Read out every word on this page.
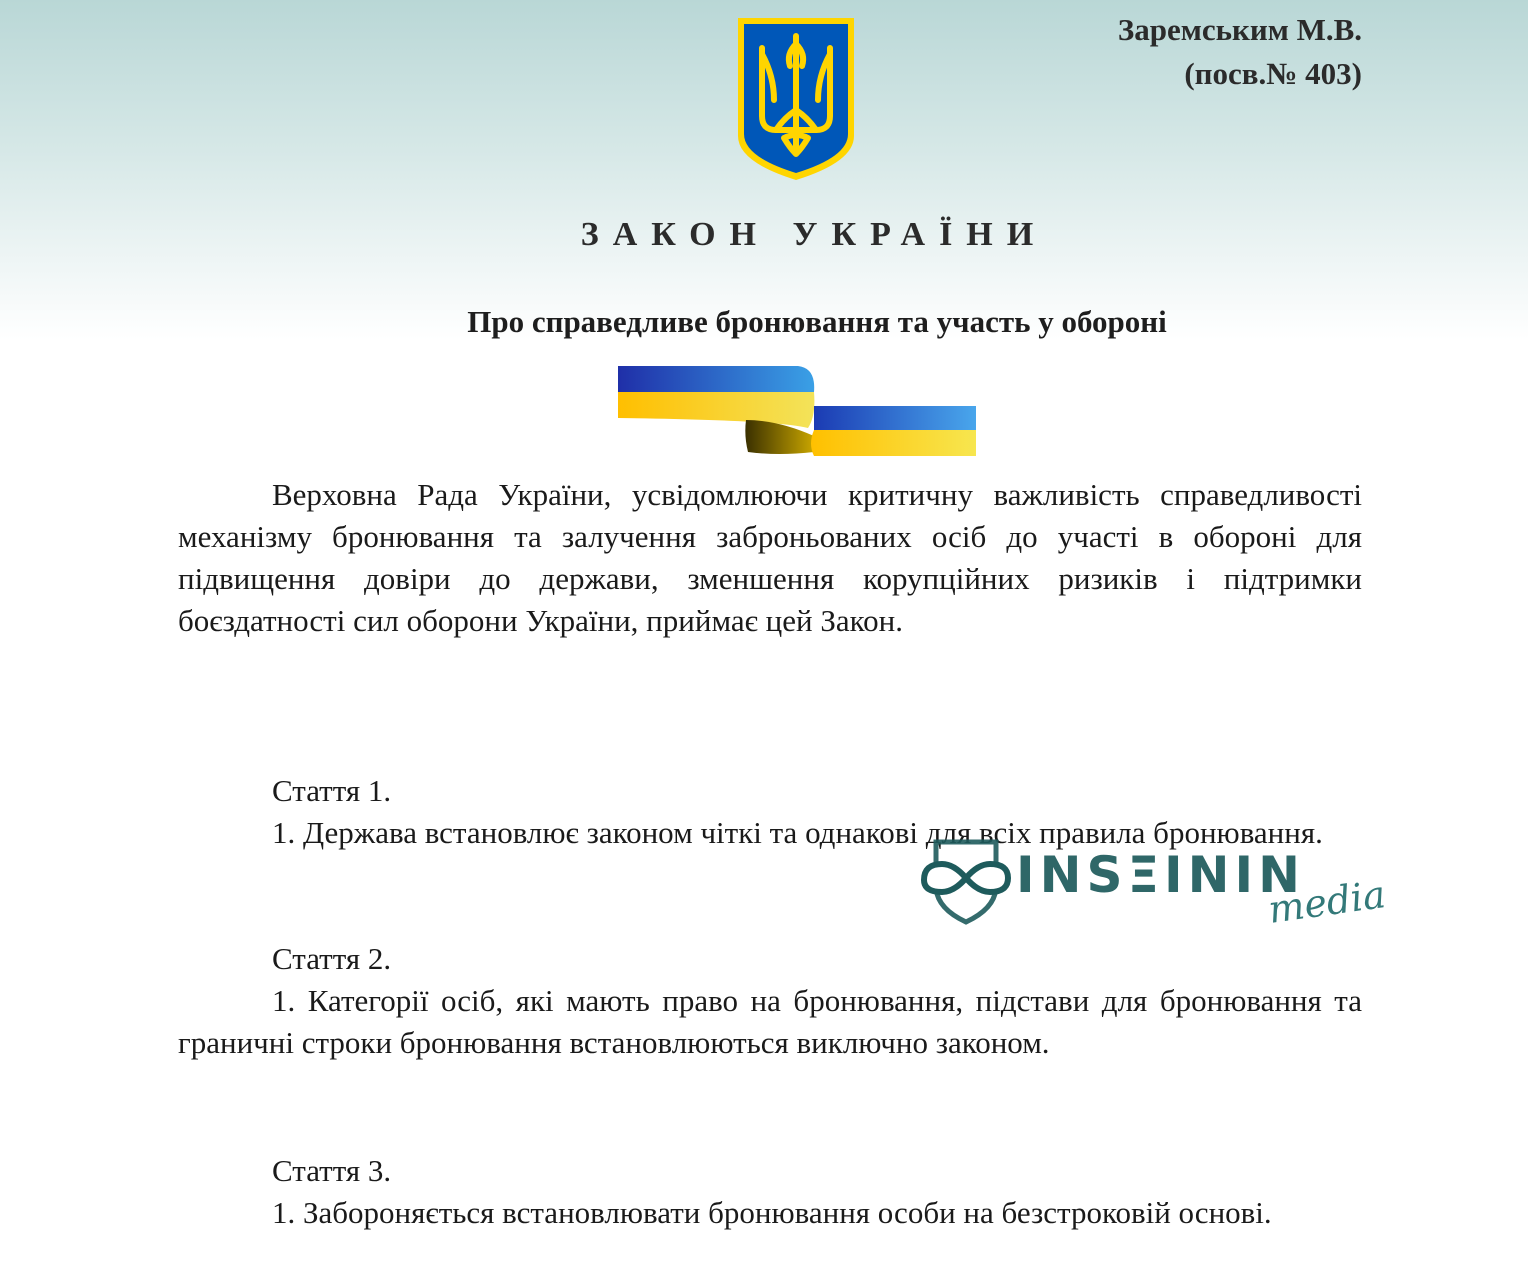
Заремським М.В.
(посв.№ 403)
ЗАКОН УКРАЇНИ
Про справедливе бронювання та участь у обороні
Верховна Рада України, усвідомлюючи критичну важливість справедливості механізму бронювання та залучення заброньованих осіб до участі в обороні для підвищення довіри до держави, зменшення корупційних ризиків і підтримки боєздатності сил оборони України, приймає цей Закон.
Стаття 1.
1. Держава встановлює законом чіткі та однакові для всіх правила бронювання.
Стаття 2.
1. Категорії осіб, які мають право на бронювання, підстави для бронювання та граничні строки бронювання встановлюються виключно законом.
Стаття 3.
1. Забороняється встановлювати бронювання особи на безстроковій основі.
INSΞININ
media
